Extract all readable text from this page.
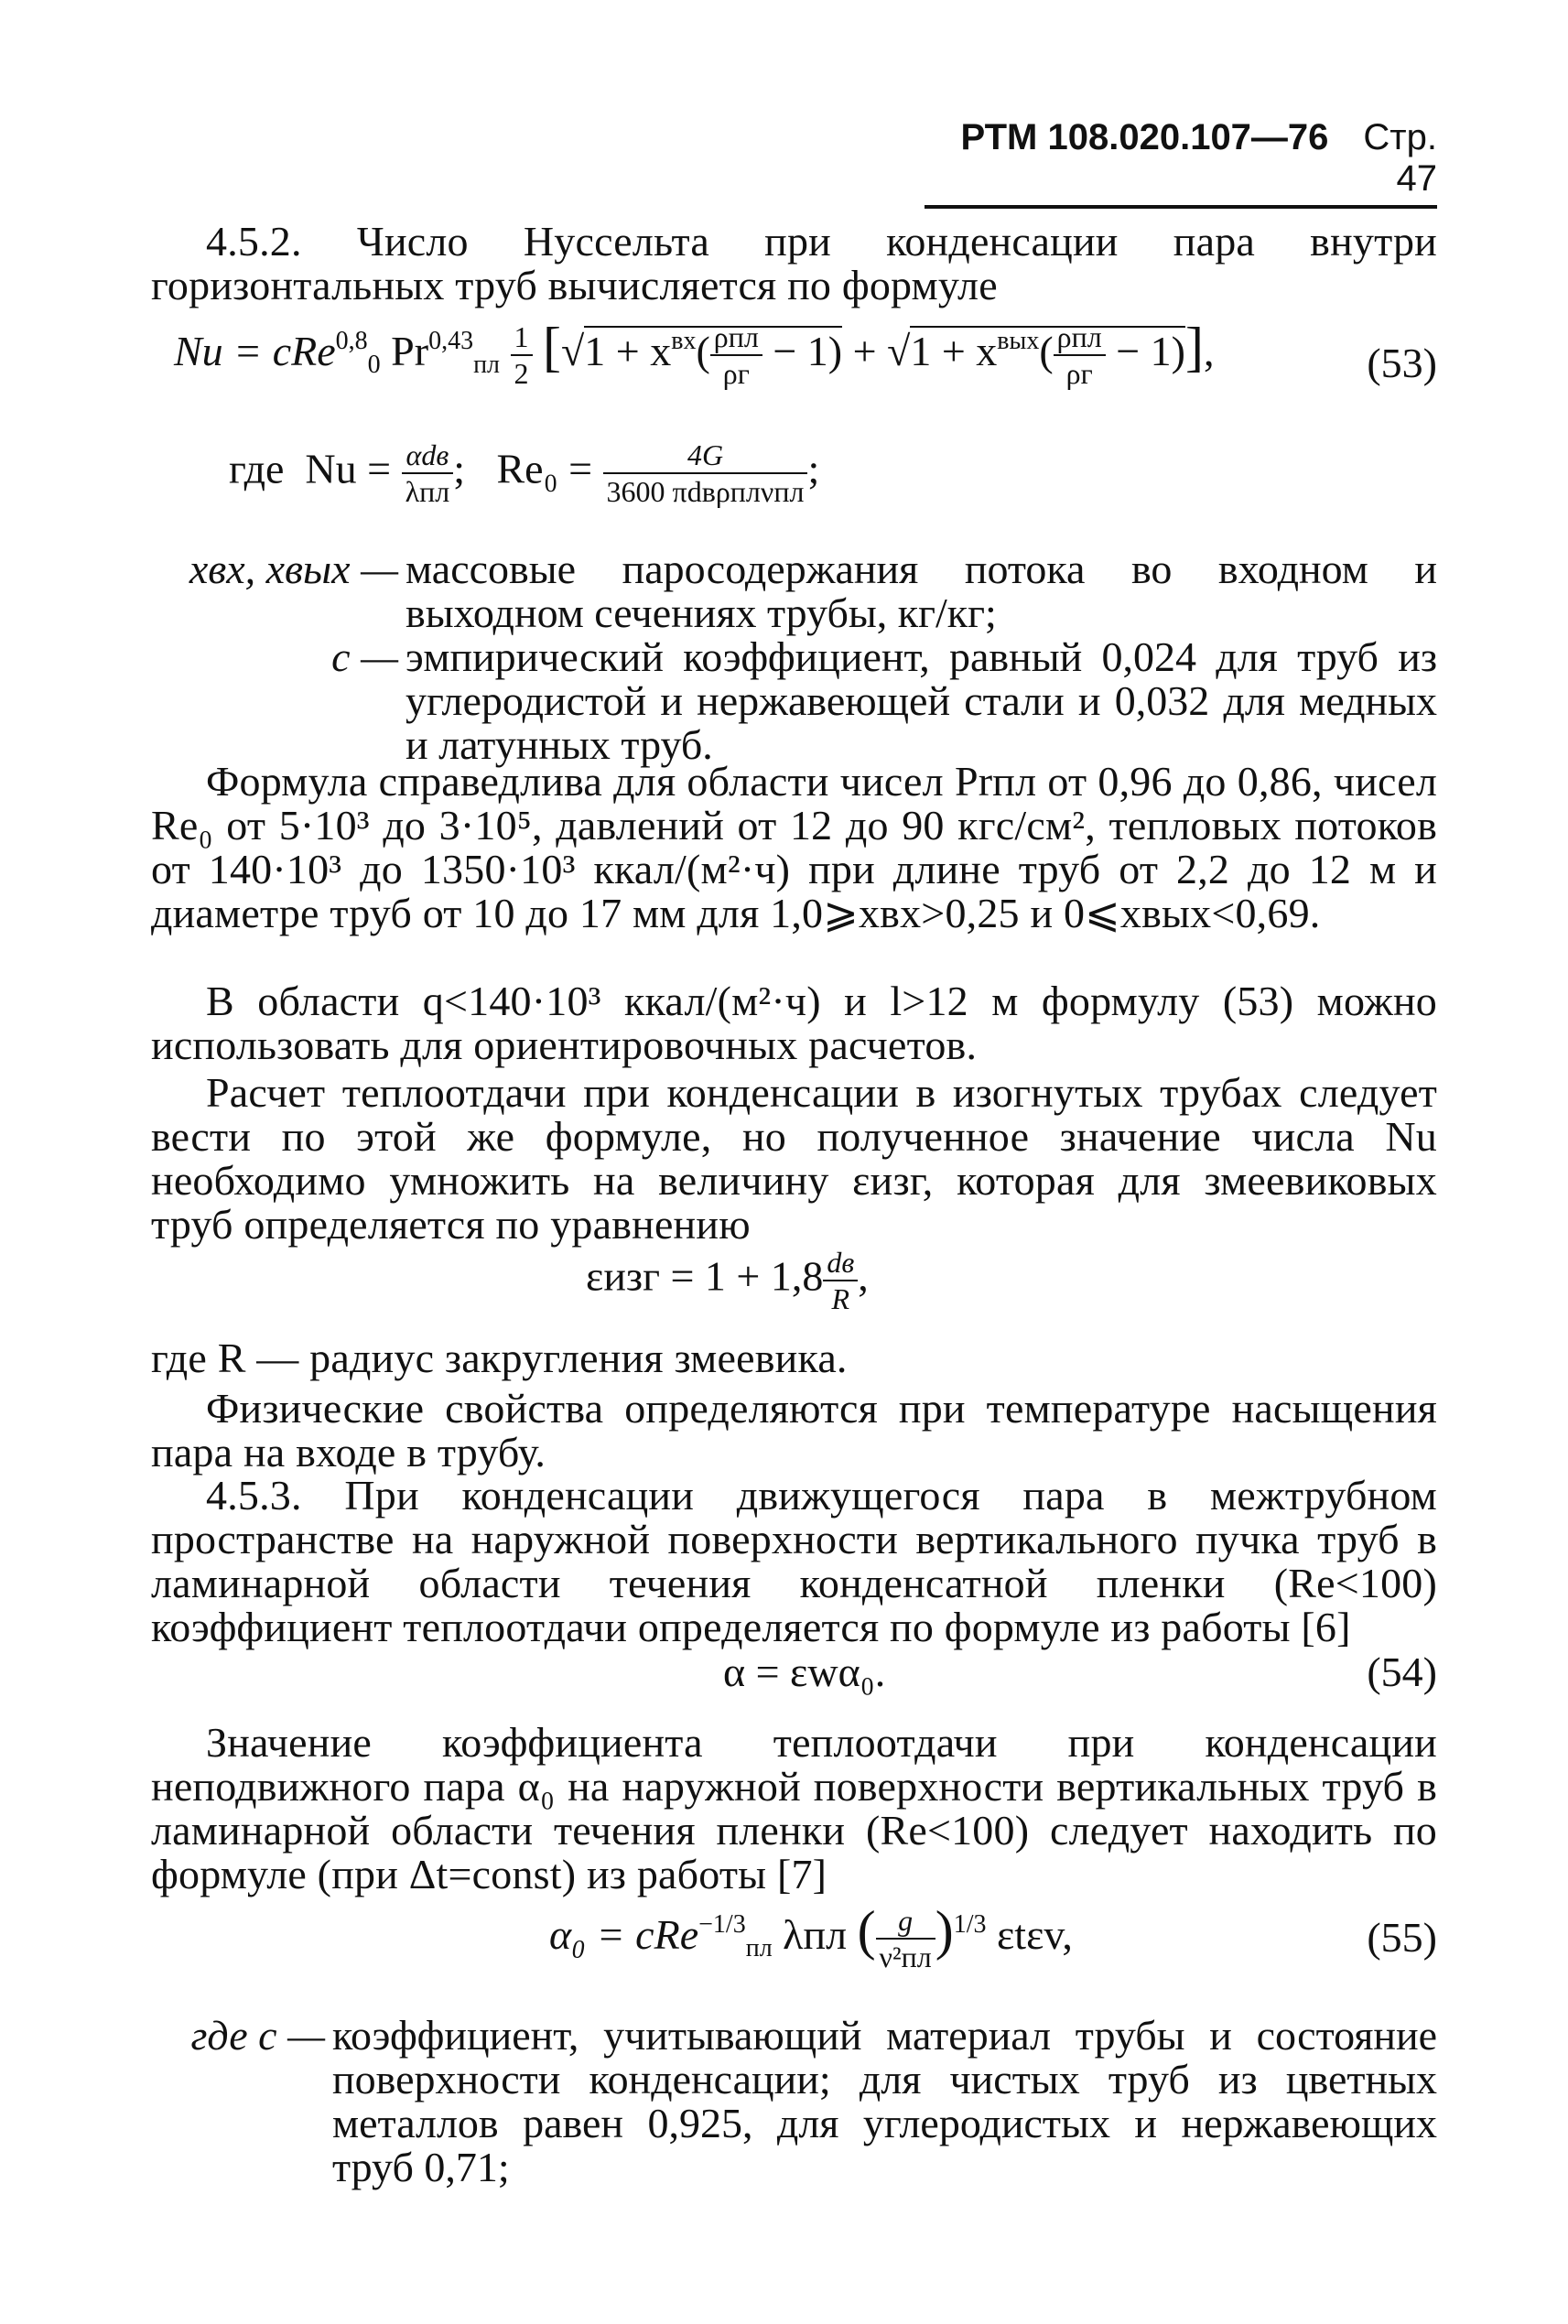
РТМ 108.020.107—76 Стр. 47
4.5.2. Число Нуссельта при конденсации пара внутри горизонтальных труб вычисляется по формуле
Nu = cRe$^{0,8}_0$ $Pr^{0,43}_{пл} \frac{1}{2} [√1 + x^{вх}( \frac{\text{ρпл}}{\rho г} - 1) + √1 + x^{вых}( \frac{\text{ρпл}}{\rho г} - 1)]$,	(53)
где $Nu = \frac{\text{αdв}}{\text{λпл}}$ ;   $Re_0 = \frac{4G}{\text{3600 πdвρплνпл}}$ ;
xвх, xвых — массовые паросодержания потока во входном и выходном сечениях трубы, кг/кг;
c — эмпирический коэффициент, равный 0,024 для труб из углеродистой и нержавеющей стали и 0,032 для медных и латунных труб.
Формула справедлива для области чисел Prпл от 0,96 до 0,86, чисел Re₀ от 5·10³ до 3·10⁵, давлений от 12 до 90 кгс/см², тепловых потоков от 140·10³ до 1350·10³ ккал/(м²·ч) при длине труб от 2,2 до 12 м и диаметре труб от 10 до 17 мм для 1,0⩾xвх>0,25 и 0⩽xвых<0,69.
В области q<140·10³ ккал/(м²·ч) и l>12 м формулу (53) можно использовать для ориентировочных расчетов.
Расчет теплоотдачи при конденсации в изогнутых трубах следует вести по этой же формуле, но полученное значение числа Nu необходимо умножить на величину εизг, которая для змеевиковых труб определяется по уравнению
$\varepsilon изг = 1 + 1,8 \frac{dв}{R}$ ,
где R — радиус закругления змеевика.
Физические свойства определяются при температуре насыщения пара на входе в трубу.
4.5.3. При конденсации движущегося пара в межтрубном пространстве на наружной поверхности вертикального пучка труб в ламинарной области течения конденсатной пленки (Re<100) коэффициент теплоотдачи определяется по формуле из работы [6]
α = εwα₀.	(54)
Значение коэффициента теплоотдачи при конденсации неподвижного пара α₀ на наружной поверхности вертикальных труб в ламинарной области течения пленки (Re<100) следует находить по формуле (при Δt=const) из работы [7]
α₀ = cRe$^{-1/3}_{пл}$ λпл ( $\frac{g}{\text{ν²пл}} )^{1/3}$ εtεv,	(55)
где c — коэффициент, учитывающий материал трубы и состояние поверхности конденсации; для чистых труб из цветных металлов равен 0,925, для углеродистых и нержавеющих труб 0,71;
